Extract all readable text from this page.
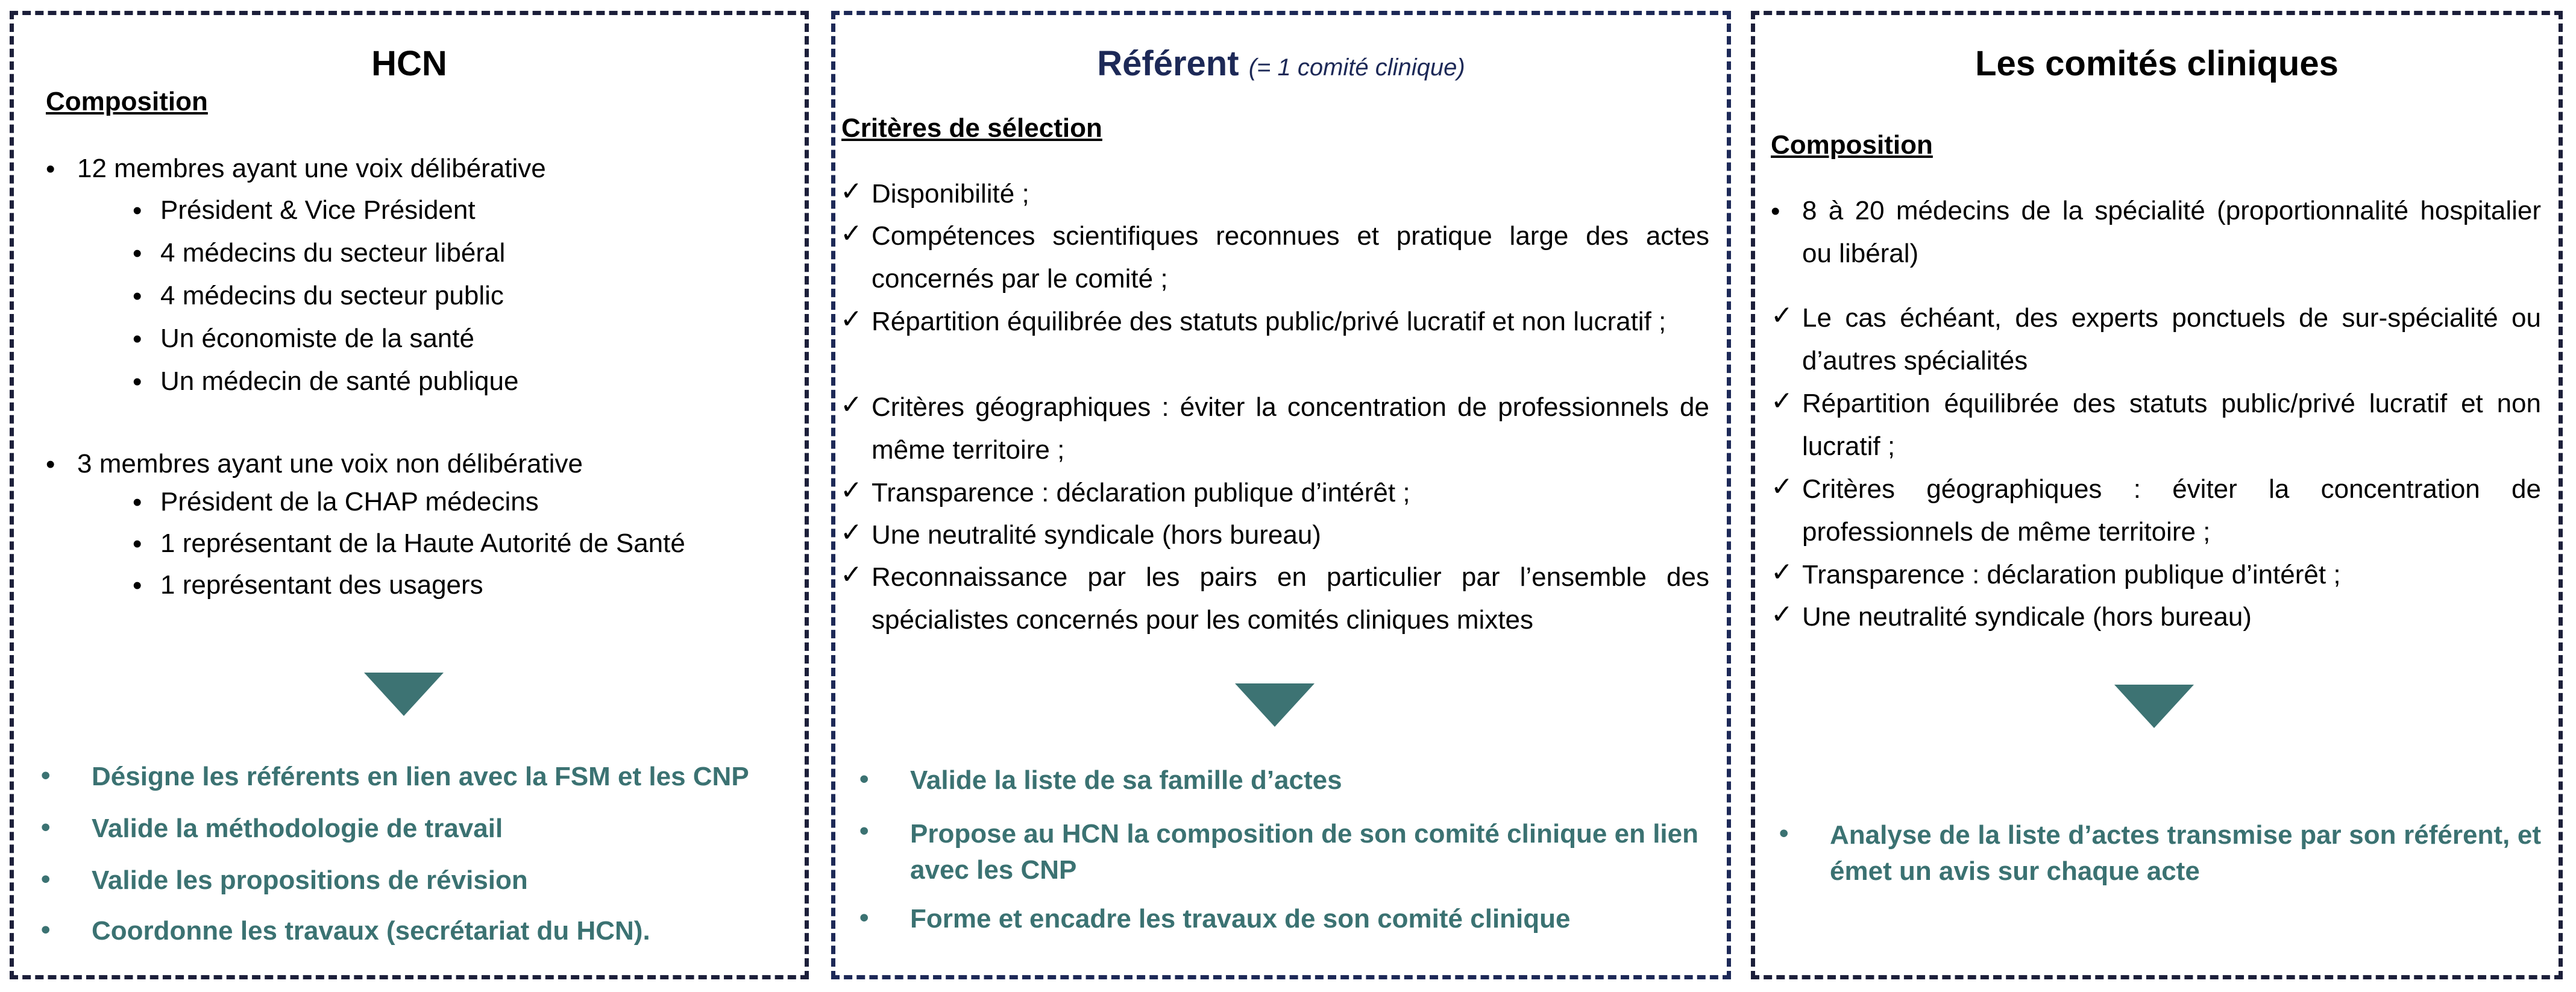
HCN
Composition
• 12 membres ayant une voix délibérative
• Président & Vice Président
• 4 médecins du secteur libéral
• 4 médecins du secteur public
• Un économiste de la santé
• Un médecin de santé publique
• 3 membres ayant une voix non délibérative
• Président de la CHAP médecins
• 1 représentant de la Haute Autorité de Santé
• 1 représentant des usagers
• Désigne les référents en lien avec la FSM et les CNP
• Valide la méthodologie de travail
• Valide les propositions de révision
• Coordonne les travaux (secrétariat du HCN).
Référent (= 1 comité clinique)
Critères de sélection
✓ Disponibilité ;
✓ Compétences scientifiques reconnues et pratique large des actes concernés par le comité ;
✓ Répartition équilibrée des statuts public/privé lucratif et non lucratif ;
✓ Critères géographiques : éviter la concentration de professionnels de même territoire ;
✓ Transparence : déclaration publique d’intérêt ;
✓ Une neutralité syndicale (hors bureau)
✓ Reconnaissance par les pairs en particulier par l’ensemble des spécialistes concernés pour les comités cliniques mixtes
• Valide la liste de sa famille d’actes
• Propose au HCN la composition de son comité clinique en lien avec les CNP
• Forme et encadre les travaux de son comité clinique
Les comités cliniques
Composition
• 8 à 20 médecins de la spécialité (proportionnalité hospitalier ou libéral)
✓ Le cas échéant, des experts ponctuels de sur-spécialité ou d’autres spécialités
✓ Répartition équilibrée des statuts public/privé lucratif et non lucratif ;
✓ Critères géographiques : éviter la concentration de professionnels de même territoire ;
✓ Transparence : déclaration publique d’intérêt ;
✓ Une neutralité syndicale (hors bureau)
• Analyse de la liste d’actes transmise par son référent, et émet un avis sur chaque acte
